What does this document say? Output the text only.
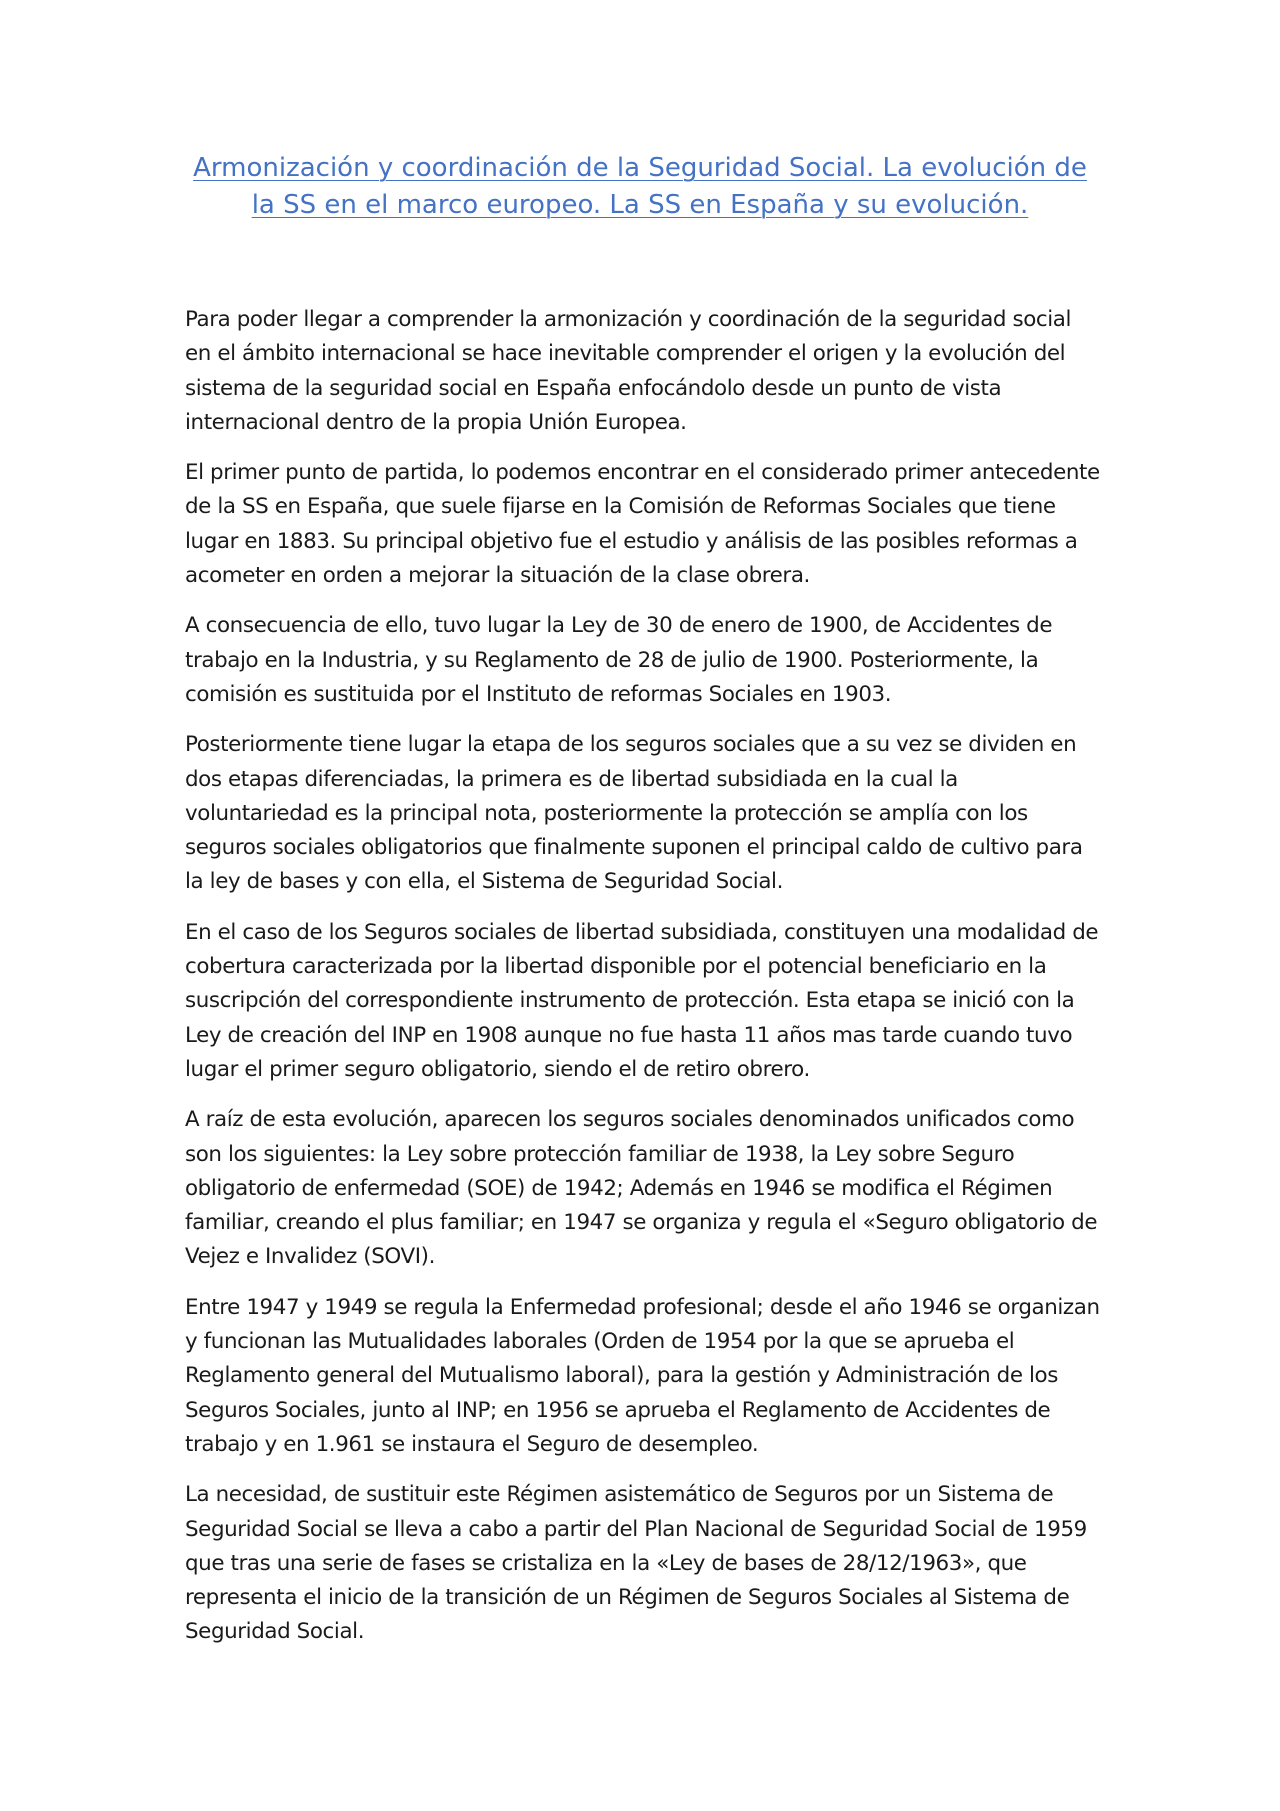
Armonización y coordinación de la Seguridad Social. La evolución de la SS en el marco europeo. La SS en España y su evolución.

Para poder llegar a comprender la armonización y coordinación de la seguridad social en el ámbito internacional se hace inevitable comprender el origen y la evolución del sistema de la seguridad social en España enfocándolo desde un punto de vista internacional dentro de la propia Unión Europea.

El primer punto de partida, lo podemos encontrar en el considerado primer antecedente de la SS en España, que suele fijarse en la Comisión de Reformas Sociales que tiene lugar en 1883. Su principal objetivo fue el estudio y análisis de las posibles reformas a acometer en orden a mejorar la situación de la clase obrera.

A consecuencia de ello, tuvo lugar la Ley de 30 de enero de 1900, de Accidentes de trabajo en la Industria, y su Reglamento de 28 de julio de 1900. Posteriormente, la comisión es sustituida por el Instituto de reformas Sociales en 1903.

Posteriormente tiene lugar la etapa de los seguros sociales que a su vez se dividen en dos etapas diferenciadas, la primera es de libertad subsidiada en la cual la voluntariedad es la principal nota, posteriormente la protección se amplía con los seguros sociales obligatorios que finalmente suponen el principal caldo de cultivo para la ley de bases y con ella, el Sistema de Seguridad Social.

En el caso de los Seguros sociales de libertad subsidiada, constituyen una modalidad de cobertura caracterizada por la libertad disponible por el potencial beneficiario en la suscripción del correspondiente instrumento de protección. Esta etapa se inició con la Ley de creación del INP en 1908 aunque no fue hasta 11 años mas tarde cuando tuvo lugar el primer seguro obligatorio, siendo el de retiro obrero.

A raíz de esta evolución, aparecen los seguros sociales denominados unificados como son los siguientes: la Ley sobre protección familiar de 1938, la Ley sobre Seguro obligatorio de enfermedad (SOE) de 1942; Además en 1946 se modifica el Régimen familiar, creando el plus familiar; en 1947 se organiza y regula el «Seguro obligatorio de Vejez e Invalidez (SOVI).

Entre 1947 y 1949 se regula la Enfermedad profesional; desde el año 1946 se organizan y funcionan las Mutualidades laborales (Orden de 1954 por la que se aprueba el Reglamento general del Mutualismo laboral), para la gestión y Administración de los Seguros Sociales, junto al INP; en 1956 se aprueba el Reglamento de Accidentes de trabajo y en 1.961 se instaura el Seguro de desempleo.

La necesidad, de sustituir este Régimen asistemático de Seguros por un Sistema de Seguridad Social se lleva a cabo a partir del Plan Nacional de Seguridad Social de 1959 que tras una serie de fases se cristaliza en la «Ley de bases de 28/12/1963», que representa el inicio de la transición de un Régimen de Seguros Sociales al Sistema de Seguridad Social.
